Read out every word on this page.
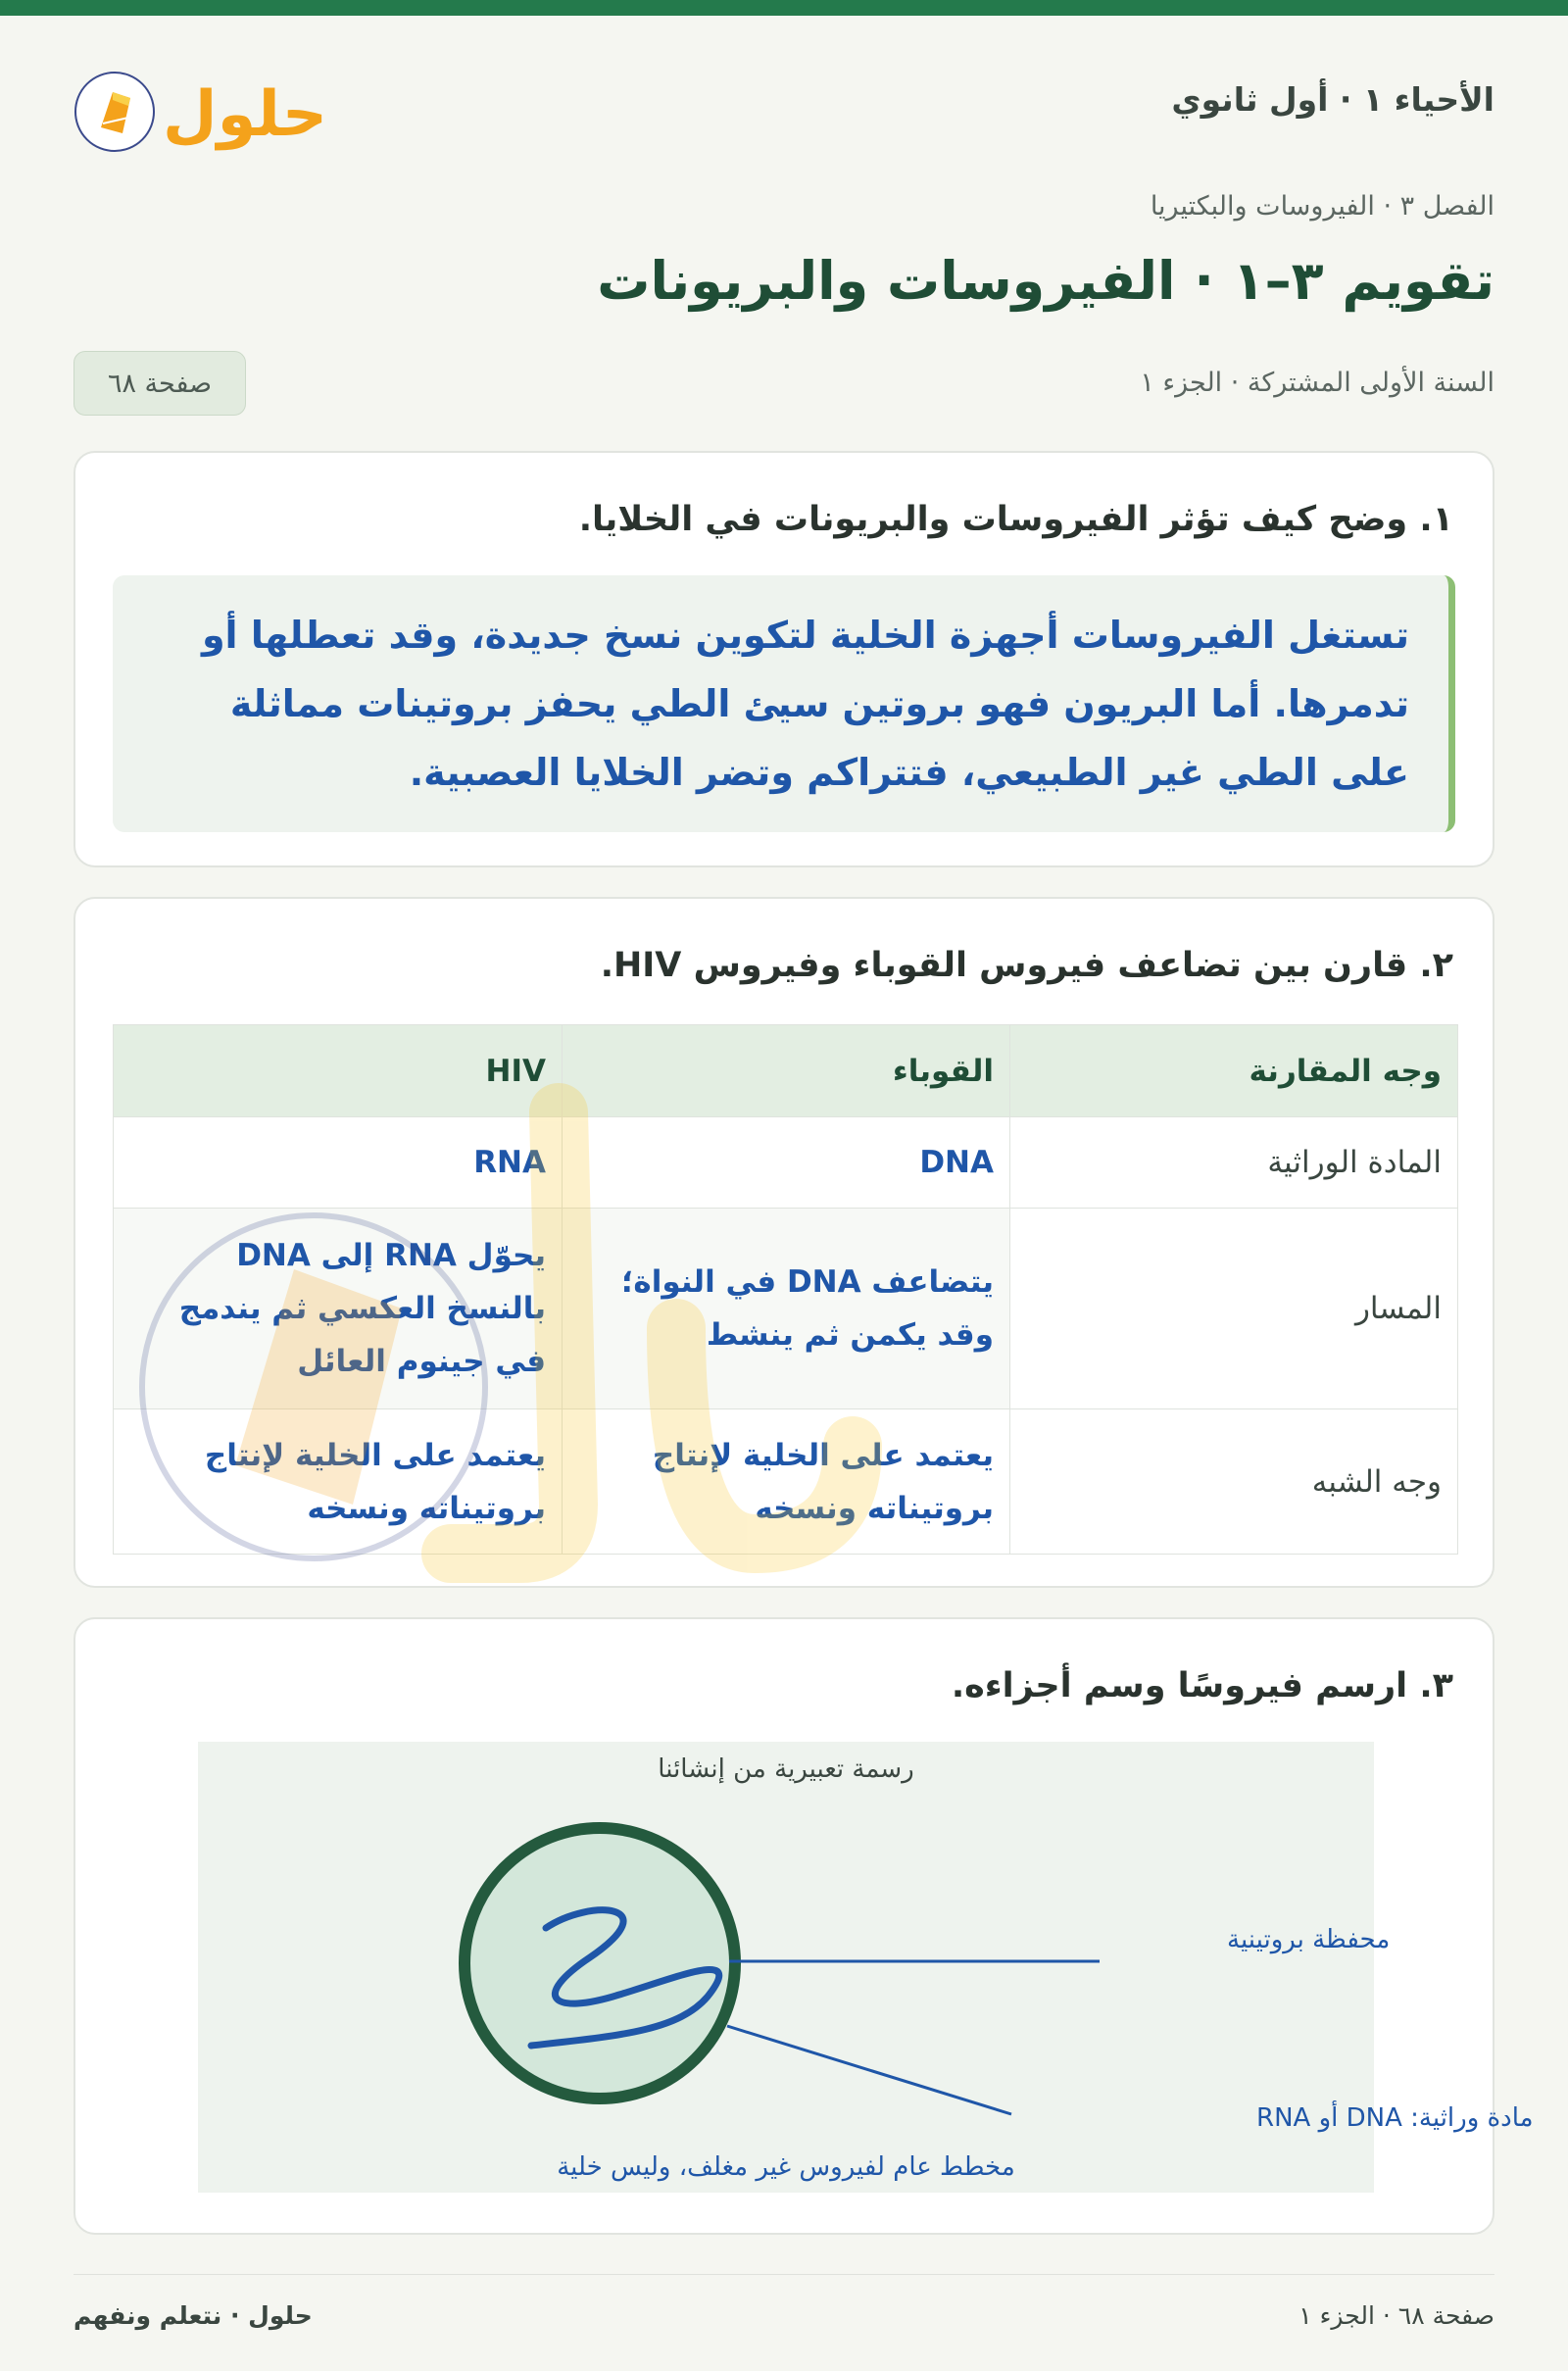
الأحياء ١ · أول ثانوي
حلول
الفصل ٣ · الفيروسات والبكتيريا
تقويم ٣–١ · الفيروسات والبريونات
السنة الأولى المشتركة · الجزء ١
صفحة ٦٨
١. وضح كيف تؤثر الفيروسات والبريونات في الخلايا.
تستغل الفيروسات أجهزة الخلية لتكوين نسخ جديدة، وقد تعطلها أو تدمرها. أما البريون فهو بروتين سيئ الطي يحفز بروتينات مماثلة على الطي غير الطبيعي، فتتراكم وتضر الخلايا العصبية.
٢. قارن بين تضاعف فيروس القوباء وفيروس HIV.
وجه المقارنة	القوباء	HIV
المادة الوراثية	DNA	RNA
المسار	يتضاعف DNA في النواة؛ وقد يكمن ثم ينشط	يحوّل RNA إلى DNA بالنسخ العكسي ثم يندمج في جينوم العائل
وجه الشبه	يعتمد على الخلية لإنتاج بروتيناته ونسخه	يعتمد على الخلية لإنتاج بروتيناته ونسخه
٣. ارسم فيروسًا وسم أجزاءه.
رسمة تعبيرية من إنشائنا
محفظة بروتينية
مادة وراثية: DNA أو RNA
مخطط عام لفيروس غير مغلف، وليس خلية
حلول · نتعلم ونفهم	صفحة ٦٨ · الجزء ١
